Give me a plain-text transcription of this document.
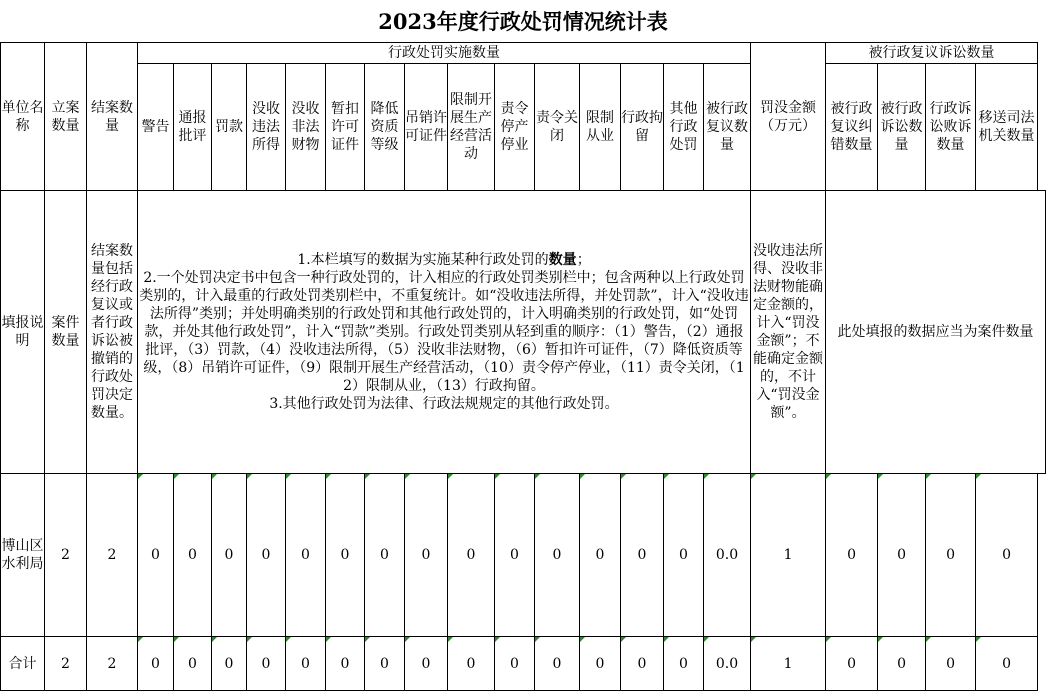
2023年度行政处罚情况统计表
单位名称	立案数量	结案数量	行政处罚实施数量															罚没金额（万元）	被行政复议诉讼数量			
			警告	通报批评	罚款	没收违法所得	没收非法财物	暂扣许可证件	降低资质等级	吊销许可证件	限制开展生产经营活动	责令停产停业	责令关闭	限制从业	行政拘留	其他行政处罚	被行政复议数量		被行政复议纠错数量	被行政诉讼数量	行政诉讼败诉数量	移送司法机关数量
填报说明	案件数量	结案数量包括经行政复议或者行政诉讼被撤销的行政处罚决定数量。	1.本栏填写的数据为实施某种行政处罚的数量；
2.一个处罚决定书中包含一种行政处罚的，计入相应的行政处罚类别栏中；包含两种以上行政处罚类别的，计入最重的行政处罚类别栏中，不重复统计。如“没收违法所得，并处罚款”，计入“没收违法所得”类别；并处明确类别的行政处罚和其他行政处罚的，计入明确类别的行政处罚，如“处罚款，并处其他行政处罚”，计入“罚款”类别。行政处罚类别从轻到重的顺序：（1）警告，（2）通报批评，（3）罚款，（4）没收违法所得，（5）没收非法财物，（6）暂扣许可证件，（7）降低资质等级，（8）吊销许可证件，（9）限制开展生产经营活动，（10）责令停产停业，（11）责令关闭，（12）限制从业，（13）行政拘留。
3.其他行政处罚为法律、行政法规规定的其他行政处罚。															没收违法所得、没收非法财物能确定金额的，计入“罚没金额”；不能确定金额的，不计入“罚没金额”。	此处填报的数据应当为案件数量			
博山区水利局	2	2	0	0	0	0	0	0	0	0	0	0	0	0	0	0	0.0	1	0	0	0	0
合计	2	2	0	0	0	0	0	0	0	0	0	0	0	0	0	0	0.0	1	0	0	0	0
